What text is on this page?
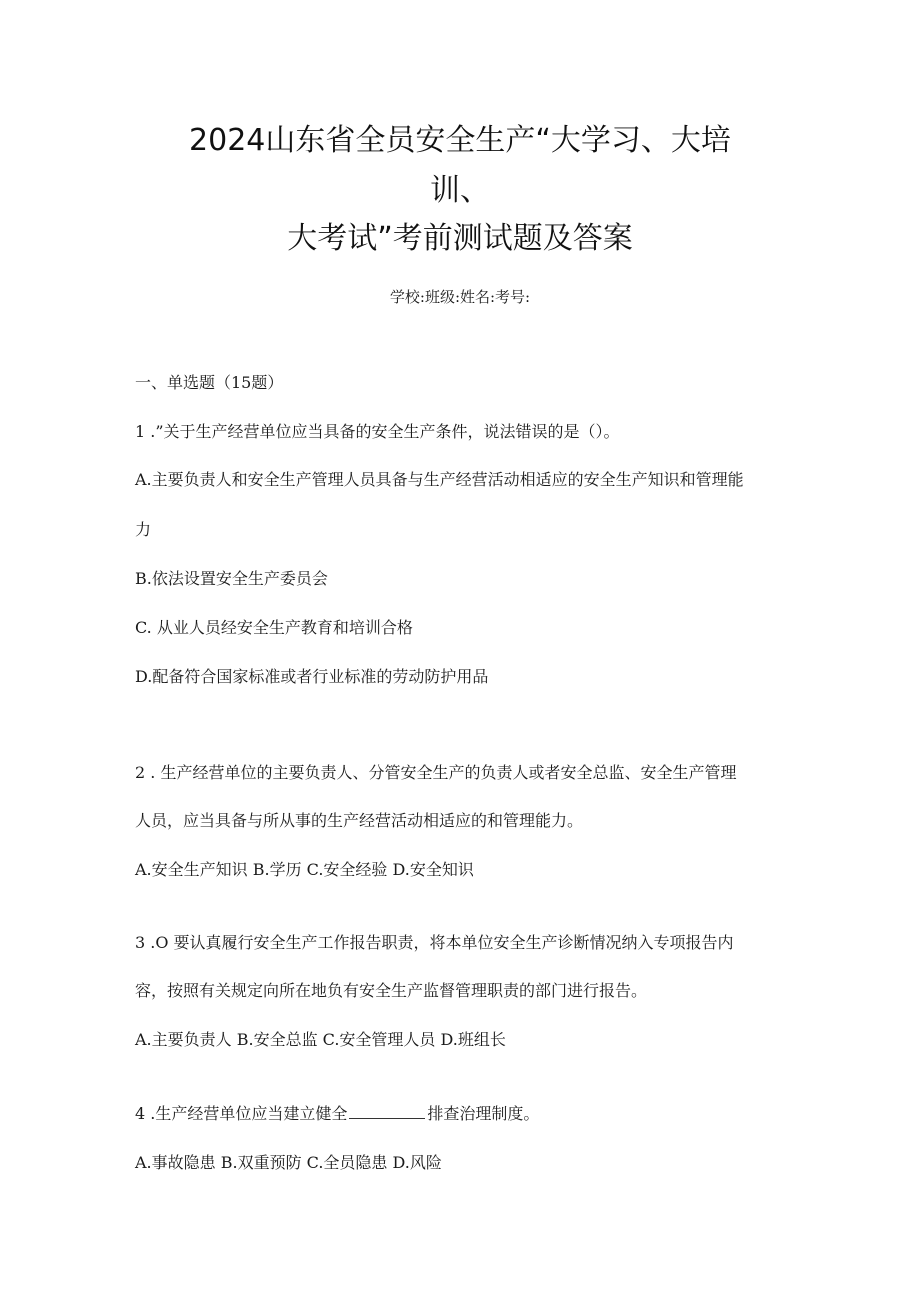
2024山东省全员安全生产“大学习、大培
训、
大考试”考前测试题及答案
学校:班级:姓名:考号:
一、单选题（15题）
1 .”关于生产经营单位应当具备的安全生产条件，说法错误的是（）。
A.主要负责人和安全生产管理人员具备与生产经营活动相适应的安全生产知识和管理能
力
B.依法设置安全生产委员会
C. 从业人员经安全生产教育和培训合格
D.配备符合国家标准或者行业标准的劳动防护用品
2 . 生产经营单位的主要负责人、分管安全生产的负责人或者安全总监、安全生产管理
人员，应当具备与所从事的生产经营活动相适应的和管理能力。
A.安全生产知识 B.学历 C.安全经验 D.安全知识
3 .O 要认真履行安全生产工作报告职责，将本单位安全生产诊断情况纳入专项报告内
容，按照有关规定向所在地负有安全生产监督管理职责的部门进行报告。
A.主要负责人 B.安全总监 C.安全管理人员 D.班组长
4 .生产经营单位应当建立健全	排查治理制度。
A.事故隐患 B.双重预防 C.全员隐患 D.风险
